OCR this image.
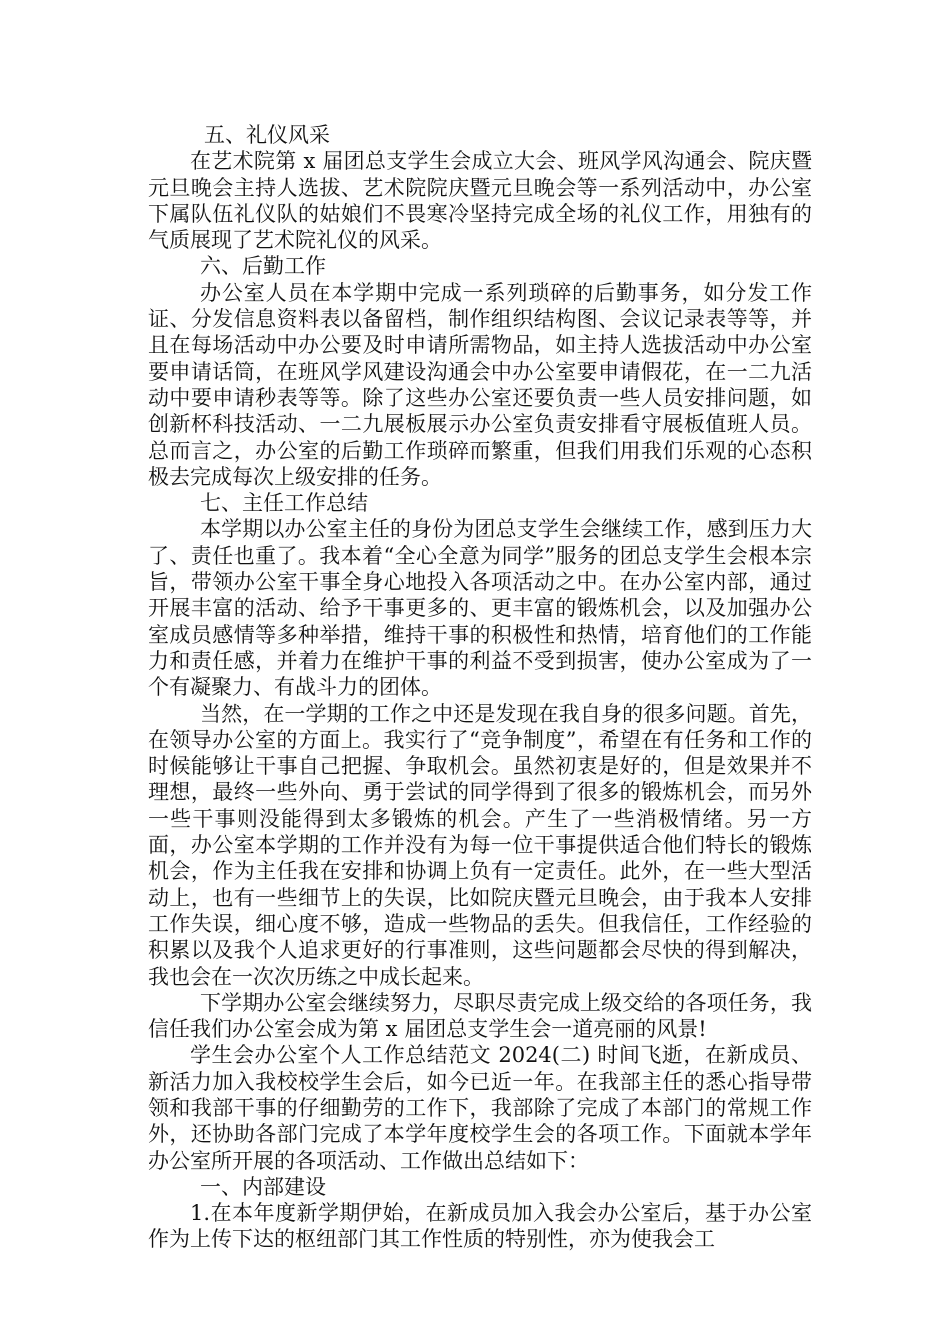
五、礼仪风采

在艺术院第 x 届团总支学生会成立大会、班风学风沟通会、院庆暨元旦晚会主持人选拔、艺术院院庆暨元旦晚会等一系列活动中，办公室下属队伍礼仪队的姑娘们不畏寒冷坚持完成全场的礼仪工作，用独有的气质展现了艺术院礼仪的风采。

六、后勤工作

办公室人员在本学期中完成一系列琐碎的后勤事务，如分发工作证、分发信息资料表以备留档，制作组织结构图、会议记录表等等，并且在每场活动中办公要及时申请所需物品，如主持人选拔活动中办公室要申请话筒，在班风学风建设沟通会中办公室要申请假花，在一二九活动中要申请秒表等等。除了这些办公室还要负责一些人员安排问题，如创新杯科技活动、一二九展板展示办公室负责安排看守展板值班人员。总而言之，办公室的后勤工作琐碎而繁重，但我们用我们乐观的心态积极去完成每次上级安排的任务。

七、主任工作总结

本学期以办公室主任的身份为团总支学生会继续工作，感到压力大了、责任也重了。我本着“全心全意为同学”服务的团总支学生会根本宗旨，带领办公室干事全身心地投入各项活动之中。在办公室内部，通过开展丰富的活动、给予干事更多的、更丰富的锻炼机会，以及加强办公室成员感情等多种举措，维持干事的积极性和热情，培育他们的工作能力和责任感，并着力在维护干事的利益不受到损害，使办公室成为了一个有凝聚力、有战斗力的团体。

当然，在一学期的工作之中还是发现在我自身的很多问题。首先，在领导办公室的方面上。我实行了“竞争制度”，希望在有任务和工作的时候能够让干事自己把握、争取机会。虽然初衷是好的，但是效果并不理想，最终一些外向、勇于尝试的同学得到了很多的锻炼机会，而另外一些干事则没能得到太多锻炼的机会。产生了一些消极情绪。另一方面，办公室本学期的工作并没有为每一位干事提供适合他们特长的锻炼机会，作为主任我在安排和协调上负有一定责任。此外，在一些大型活动上，也有一些细节上的失误，比如院庆暨元旦晚会，由于我本人安排工作失误，细心度不够，造成一些物品的丢失。但我信任，工作经验的积累以及我个人追求更好的行事准则，这些问题都会尽快的得到解决，我也会在一次次历练之中成长起来。

下学期办公室会继续努力，尽职尽责完成上级交给的各项任务，我信任我们办公室会成为第 x 届团总支学生会一道亮丽的风景!

学生会办公室个人工作总结范文 2024(二) 时间飞逝，在新成员、新活力加入我校校学生会后，如今已近一年。在我部主任的悉心指导带领和我部干事的仔细勤劳的工作下，我部除了完成了本部门的常规工作外，还协助各部门完成了本学年度校学生会的各项工作。下面就本学年办公室所开展的各项活动、工作做出总结如下：

一、内部建设

1.在本年度新学期伊始，在新成员加入我会办公室后，基于办公室作为上传下达的枢纽部门其工作性质的特别性，亦为使我会工
